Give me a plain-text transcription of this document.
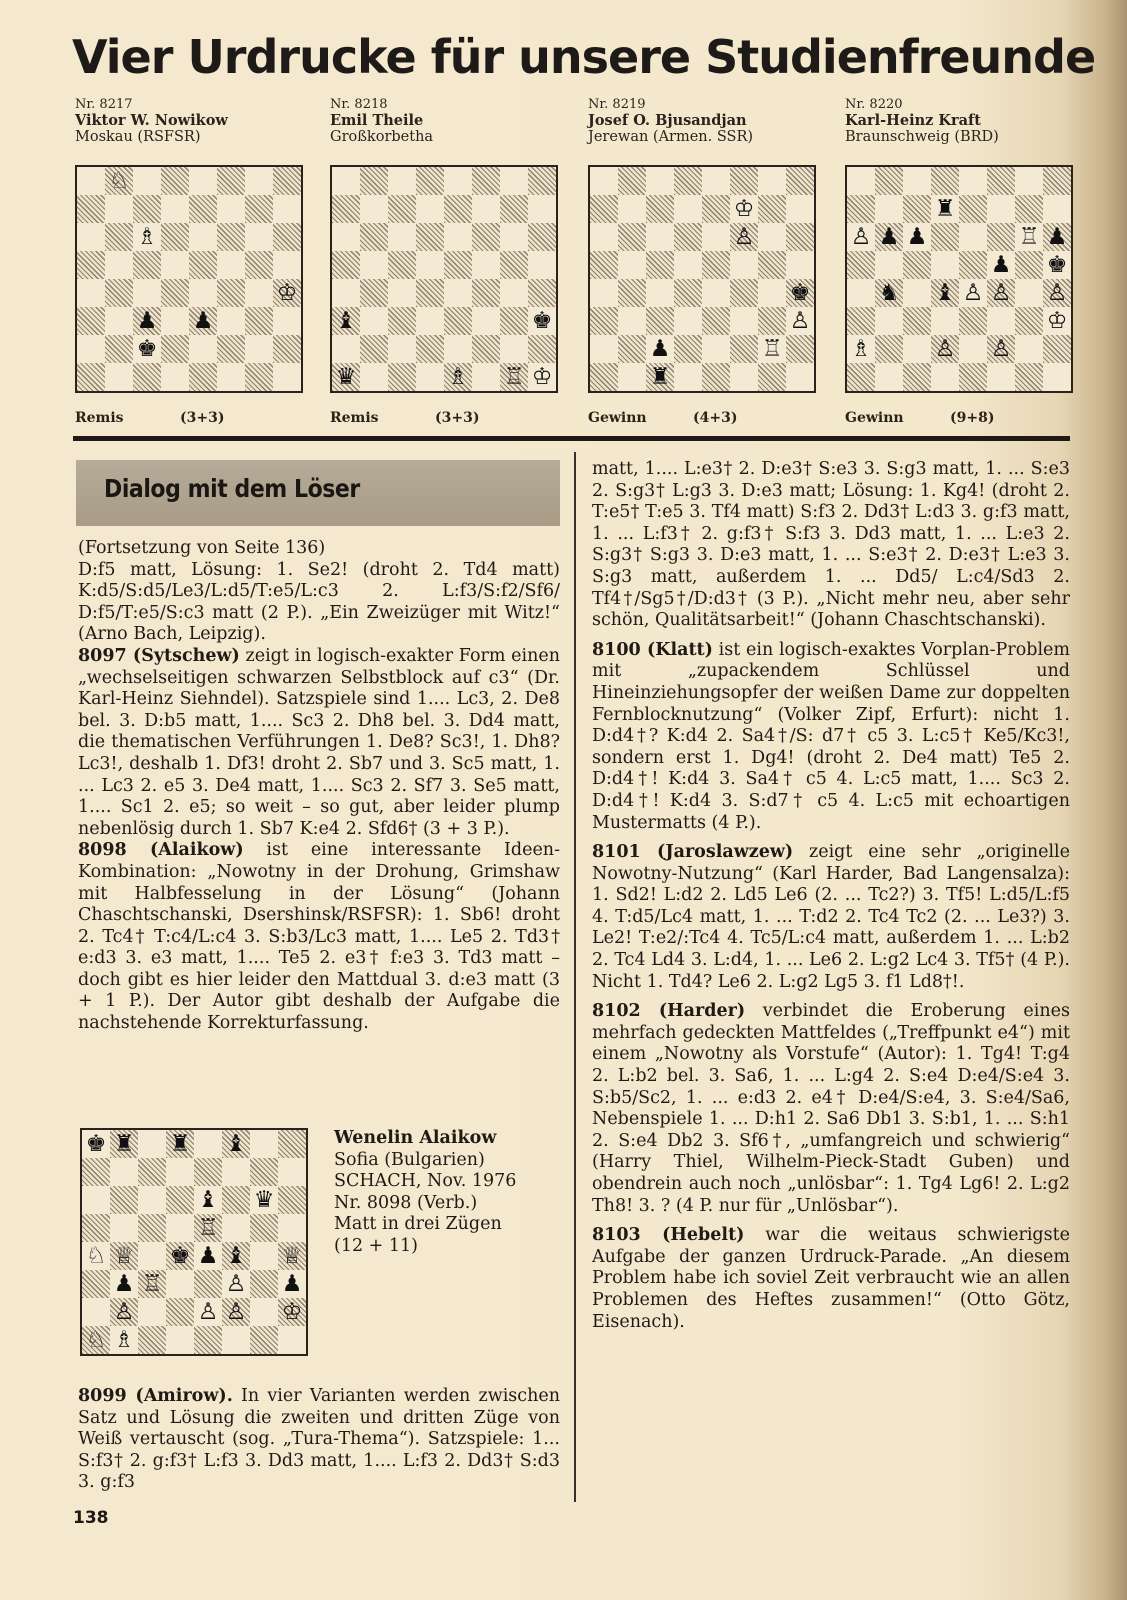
Vier Urdrucke für unsere Studienfreunde
Nr. 8217
Viktor W. Nowikow
Moskau (RSFSR)
♘
♗
♔
♟ ♟
♚
Remis	(3+3)
Nr. 8218
Emil Theile
Großkorbetha
♚
♝
♛	♗ ♖ ♔
Remis	(3+3)
Nr. 8219
Josef O. Bjusandjan
Jerewan (Armen. SSR)
♔
♙
♚
♙
♖
♟
♜
Gewinn	(4+3)
Nr. 8220
Karl-Heinz Kraft
Braunschweig (BRD)
♜
♙ ♟ ♟	♖ ♟
♟ ♚
♞ ♝ ♙ ♙ ♙
♔
♗	♙ ♙
Gewinn	(9+8)
Dialog mit dem Löser

(Fortsetzung von Seite 136)

D:f5 matt, Lösung: 1. Se2! (droht 2. Td4 matt) K:d5/S:d5/Le3/L:d5/T:e5/L:c3 2. L:f3/S:f2/Sf6/ D:f5/T:e5/S:c3 matt (2 P.). „Ein Zweizüger mit Witz!“ (Arno Bach, Leipzig).

8097 (Sytschew) zeigt in logisch-exakter Form einen „wechselseitigen schwarzen Selbstblock auf c3“ (Dr. Karl-Heinz Siehndel). Satzspiele sind 1.... Lc3, 2. De8 bel. 3. D:b5 matt, 1.... Sc3 2. Dh8 bel. 3. Dd4 matt, die thematischen Verführungen 1. De8? Sc3!, 1. Dh8? Lc3!, deshalb 1. Df3! droht 2. Sb7 und 3. Sc5 matt, 1. ... Lc3 2. e5 3. De4 matt, 1.... Sc3 2. Sf7 3. Se5 matt, 1.... Sc1 2. e5; so weit – so gut, aber leider plump nebenlösig durch 1. Sb7 K:e4 2. Sfd6† (3 + 3 P.).

8098 (Alaikow) ist eine interessante Ideen-Kombination: „Nowotny in der Drohung, Grimshaw mit Halbfesselung in der Lösung“ (Johann Chaschtschanski, Dsershinsk/RSFSR): 1. Sb6! droht 2. Tc4† T:c4/L:c4 3. S:b3/Lc3 matt, 1.... Le5 2. Td3† e:d3 3. e3 matt, 1.... Te5 2. e3† f:e3 3. Td3 matt – doch gibt es hier leider den Mattdual 3. d:e3 matt (3 + 1 P.). Der Autor gibt deshalb der Aufgabe die nachstehende Korrekturfassung.

♚ ♜ ♜ ♝
♝ ♛
♖
♘ ♕ ♚ ♟ ♝ ♕
♟ ♖	♙ ♟
♙	♙ ♙ ♔
♘ ♗
Wenelin Alaikow
Sofia (Bulgarien)
SCHACH, Nov. 1976
Nr. 8098 (Verb.)
Matt in drei Zügen
(12 + 11)

8099 (Amirow). In vier Varianten werden zwischen Satz und Lösung die zweiten und dritten Züge von Weiß vertauscht (sog. „Tura-Thema“). Satzspiele: 1... S:f3† 2. g:f3† L:f3 3. Dd3 matt, 1.... L:f3 2. Dd3† S:d3 3. g:f3

matt, 1.... L:e3† 2. D:e3† S:e3 3. S:g3 matt, 1. ... S:e3 2. S:g3† L:g3 3. D:e3 matt; Lösung: 1. Kg4! (droht 2. T:e5† T:e5 3. Tf4 matt) S:f3 2. Dd3† L:d3 3. g:f3 matt, 1. ... L:f3† 2. g:f3† S:f3 3. Dd3 matt, 1. ... L:e3 2. S:g3† S:g3 3. D:e3 matt, 1. ... S:e3† 2. D:e3† L:e3 3. S:g3 matt, außerdem 1. ... Dd5/ L:c4/Sd3 2. Tf4†/Sg5†/D:d3† (3 P.). „Nicht mehr neu, aber sehr schön, Qualitätsarbeit!“ (Johann Chaschtschanski).

8100 (Klatt) ist ein logisch-exaktes Vorplan-Problem mit „zupackendem Schlüssel und Hineinziehungsopfer der weißen Dame zur doppelten Fernblocknutzung“ (Volker Zipf, Erfurt): nicht 1. D:d4†? K:d4 2. Sa4†/S: d7† c5 3. L:c5† Ke5/Kc3!, sondern erst 1. Dg4! (droht 2. De4 matt) Te5 2. D:d4†! K:d4 3. Sa4† c5 4. L:c5 matt, 1.... Sc3 2. D:d4†! K:d4 3. S:d7† c5 4. L:c5 mit echoartigen Mustermatts (4 P.).

8101 (Jaroslawzew) zeigt eine sehr „originelle Nowotny-Nutzung“ (Karl Harder, Bad Langensalza): 1. Sd2! L:d2 2. Ld5 Le6 (2. ... Tc2?) 3. Tf5! L:d5/L:f5 4. T:d5/Lc4 matt, 1. ... T:d2 2. Tc4 Tc2 (2. ... Le3?) 3. Le2! T:e2/:Tc4 4. Tc5/L:c4 matt, außerdem 1. ... L:b2 2. Tc4 Ld4 3. L:d4, 1. ... Le6 2. L:g2 Lc4 3. Tf5† (4 P.). Nicht 1. Td4? Le6 2. L:g2 Lg5 3. f1 Ld8†!.

8102 (Harder) verbindet die Eroberung eines mehrfach gedeckten Mattfeldes („Treffpunkt e4“) mit einem „Nowotny als Vorstufe“ (Autor): 1. Tg4! T:g4 2. L:b2 bel. 3. Sa6, 1. ... L:g4 2. S:e4 D:e4/S:e4 3. S:b5/Sc2, 1. ... e:d3 2. e4† D:e4/S:e4, 3. S:e4/Sa6, Nebenspiele 1. ... D:h1 2. Sa6 Db1 3. S:b1, 1. ... S:h1 2. S:e4 Db2 3. Sf6†, „umfangreich und schwierig“ (Harry Thiel, Wilhelm-Pieck-Stadt Guben) und obendrein auch noch „unlösbar“: 1. Tg4 Lg6! 2. L:g2 Th8! 3. ? (4 P. nur für „Unlösbar“).

8103 (Hebelt) war die weitaus schwierigste Aufgabe der ganzen Urdruck-Parade. „An diesem Problem habe ich soviel Zeit verbraucht wie an allen Problemen des Heftes zusammen!“ (Otto Götz, Eisenach).

138
